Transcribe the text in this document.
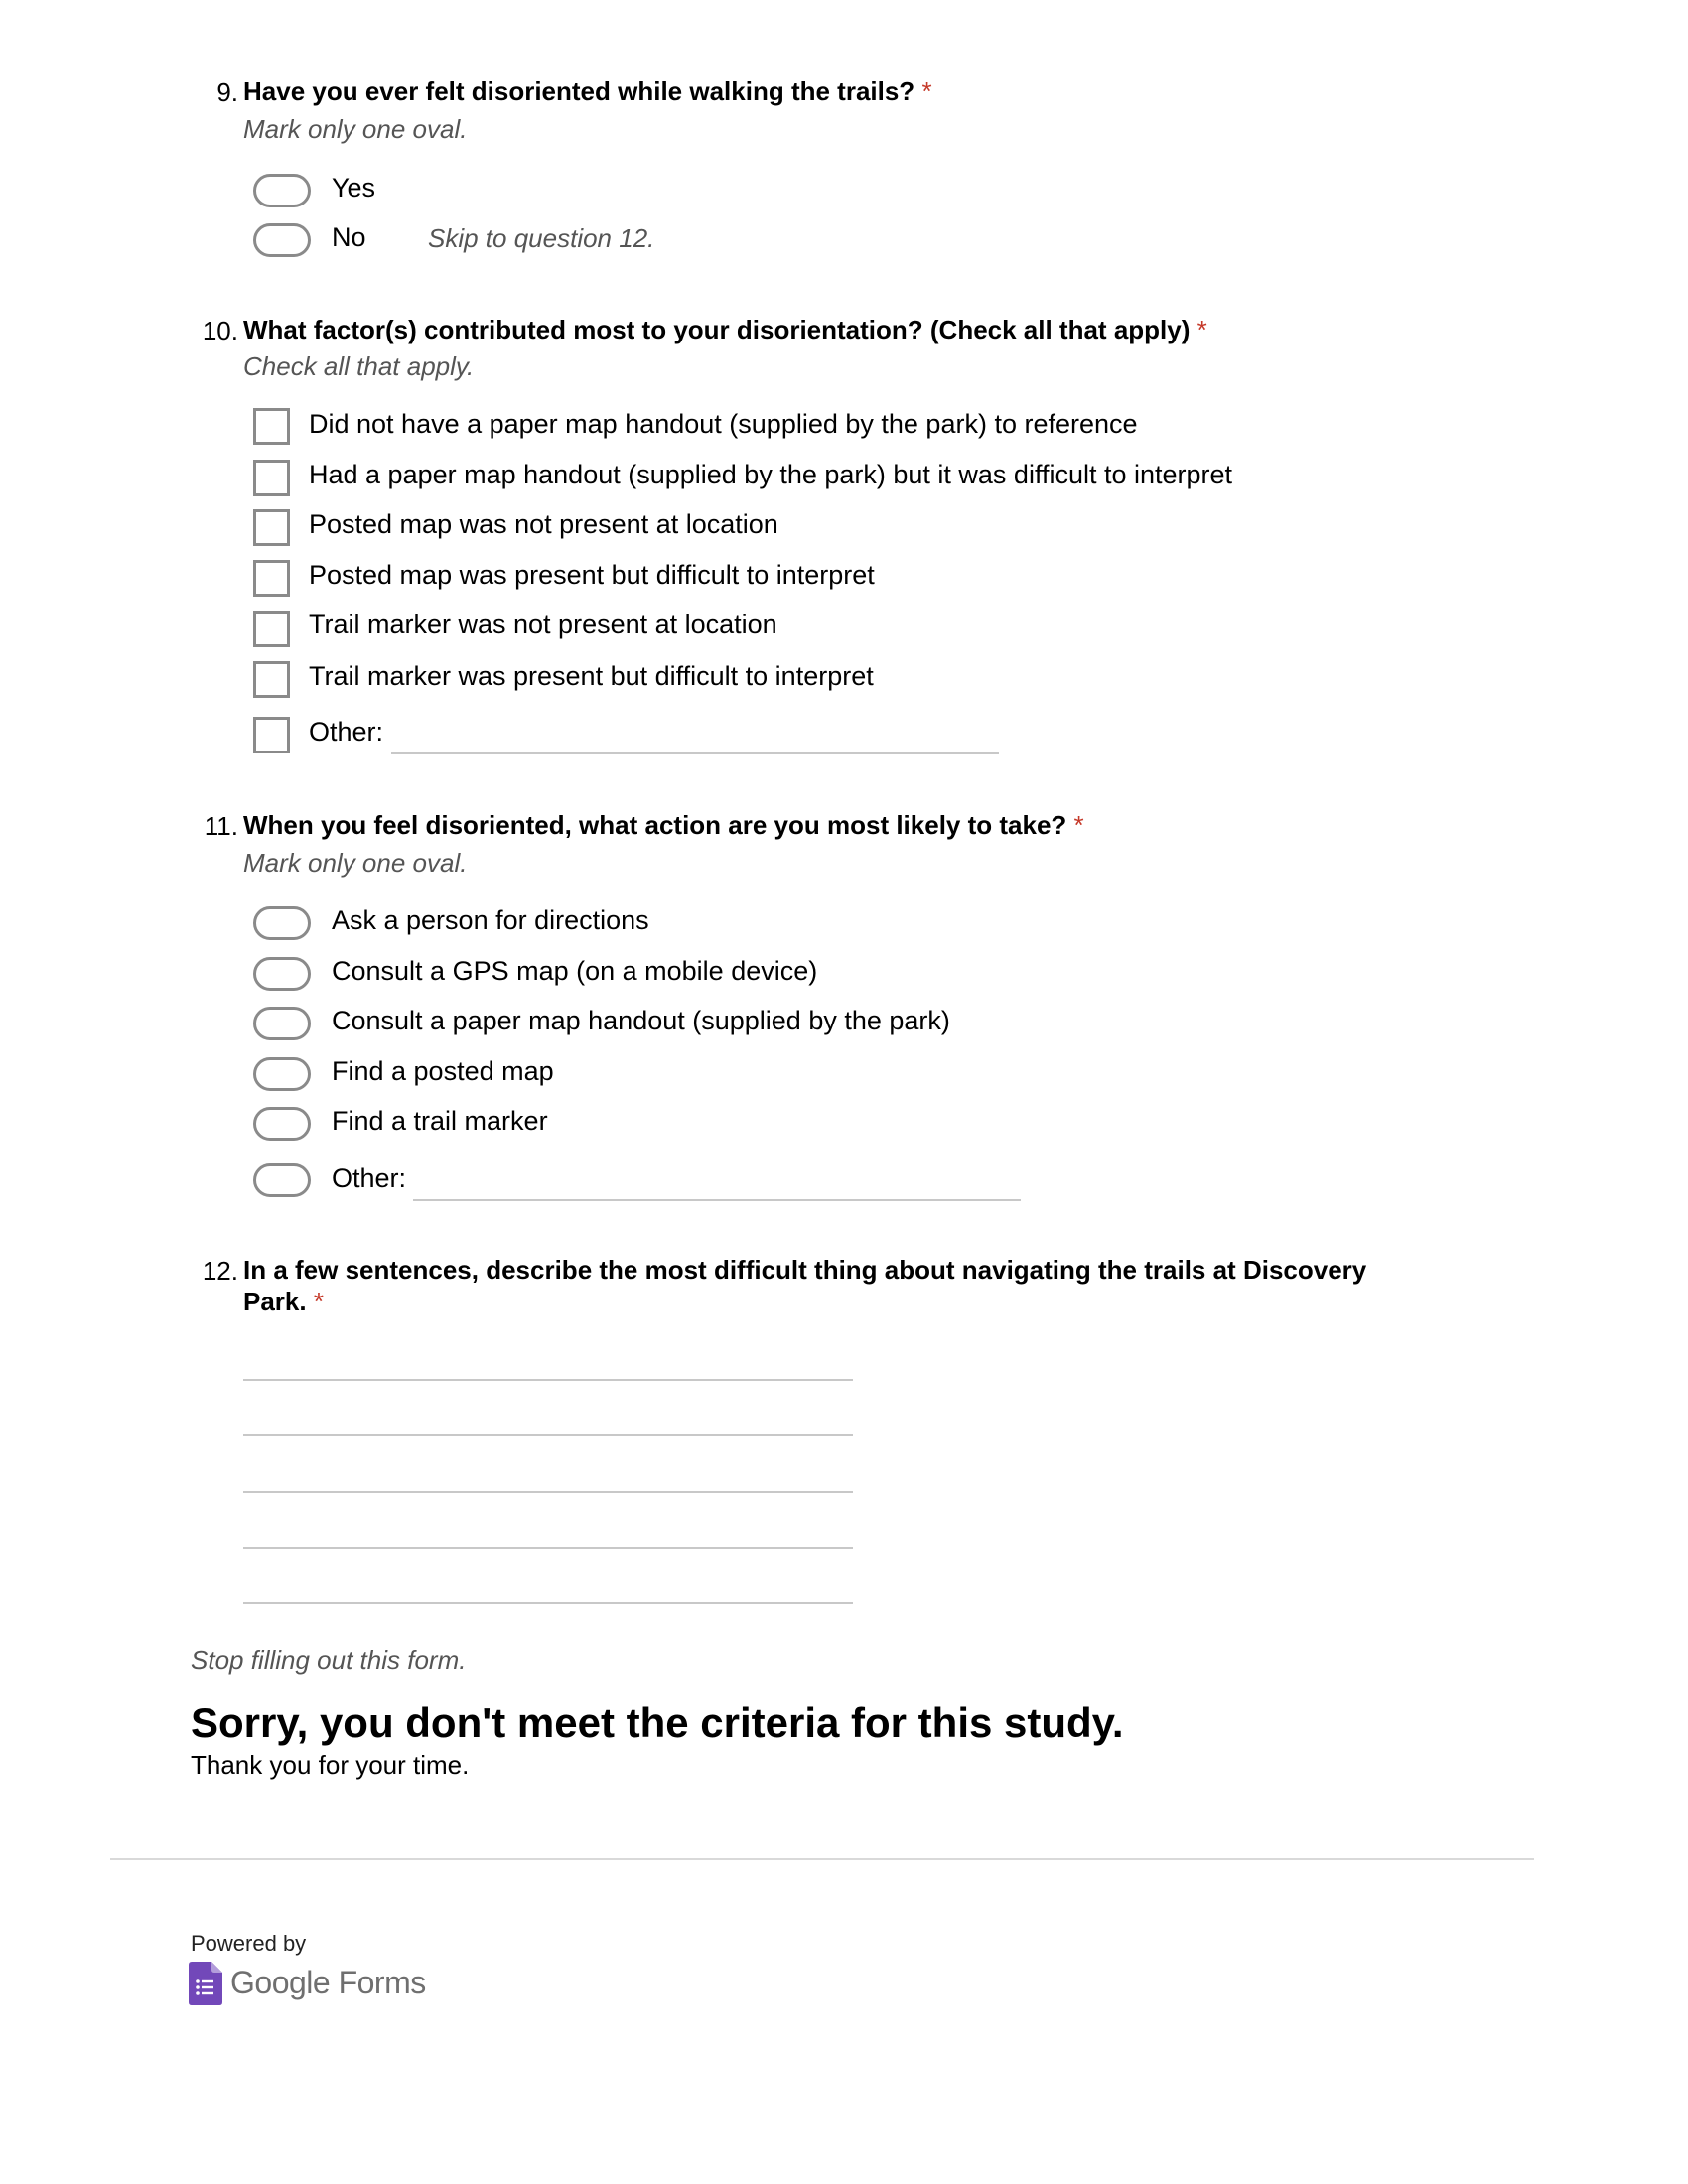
9. Have you ever felt disoriented while walking the trails? *
Mark only one oval.
Yes
No Skip to question 12.
10. What factor(s) contributed most to your disorientation? (Check all that apply) *
Check all that apply.
Did not have a paper map handout (supplied by the park) to reference
Had a paper map handout (supplied by the park) but it was difficult to interpret
Posted map was not present at location
Posted map was present but difficult to interpret
Trail marker was not present at location
Trail marker was present but difficult to interpret
Other:
11. When you feel disoriented, what action are you most likely to take? *
Mark only one oval.
Ask a person for directions
Consult a GPS map (on a mobile device)
Consult a paper map handout (supplied by the park)
Find a posted map
Find a trail marker
Other:
12. In a few sentences, describe the most difficult thing about navigating the trails at Discovery
Park. *
Stop filling out this form.
Sorry, you don't meet the criteria for this study.
Thank you for your time.
Powered by
Google Forms
